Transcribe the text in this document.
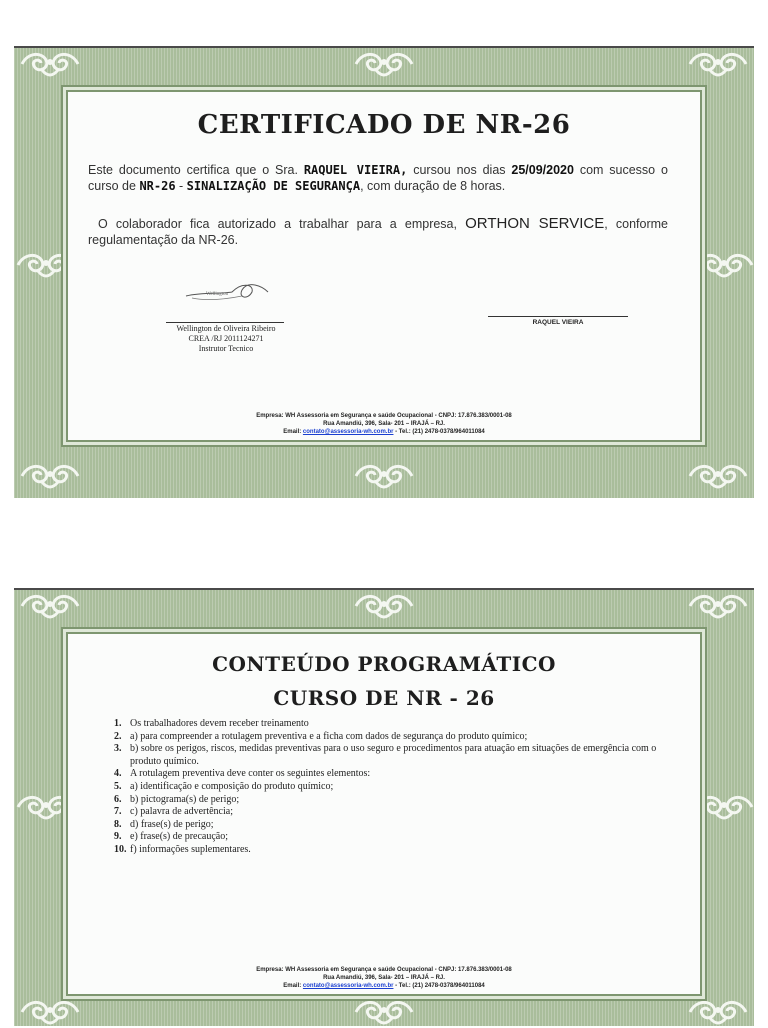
CERTIFICADO DE NR-26
Este documento certifica que o Sra. RAQUEL VIEIRA, cursou nos dias 25/09/2020 com sucesso o curso de NR-26 - SINALIZAÇÃO DE SEGURANÇA, com duração de 8 horas.
O colaborador fica autorizado a trabalhar para a empresa, ORTHON SERVICE, conforme regulamentação da NR-26.
Wellington
Wellington de Oliveira Ribeiro
CREA /RJ 2011124271
Instrutor Tecnico
RAQUEL VIEIRA
Empresa: WH Assessoria em Segurança e saúde Ocupacional - CNPJ: 17.876.383/0001-08
Rua Amandiú, 396, Sala- 201 – IRAJÁ – RJ.
Email: contato@assessoria-wh.com.br - Tel.: (21) 2478-0378/964011084
CONTEÚDO PROGRAMÁTICO
CURSO DE NR - 26
1. Os trabalhadores devem receber treinamento
2. a) para compreender a rotulagem preventiva e a ficha com dados de segurança do produto químico;
3. b) sobre os perigos, riscos, medidas preventivas para o uso seguro e procedimentos para atuação em situações de emergência com o produto químico.
4. A rotulagem preventiva deve conter os seguintes elementos:
5. a) identificação e composição do produto químico;
6. b) pictograma(s) de perigo;
7. c) palavra de advertência;
8. d) frase(s) de perigo;
9. e) frase(s) de precaução;
10. f) informações suplementares.
Empresa: WH Assessoria em Segurança e saúde Ocupacional - CNPJ: 17.876.383/0001-08
Rua Amandiú, 396, Sala- 201 – IRAJÁ – RJ.
Email: contato@assessoria-wh.com.br - Tel.: (21) 2478-0378/964011084
